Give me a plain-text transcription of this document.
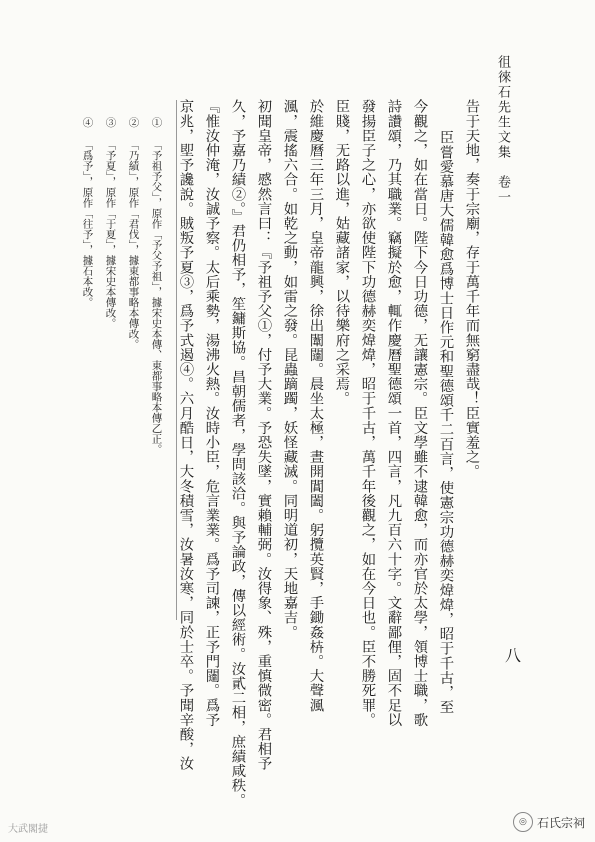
徂徠石先生文集　卷一
告于天地，奏于宗廟，存于萬千年而無窮盡哉！臣實羞之。
臣嘗愛慕唐大儒韓愈爲博士日作元和聖德頌千二百言，使憲宗功德赫奕煒煒，昭于千古，至
今觀之，如在當日。陛下今日功德，无讓憲宗。臣文學雖不逮韓愈，而亦官於太學，領博士職，歌
詩讚頌，乃其職業。竊擬於愈，輒作慶曆聖德頌一首，四言，凡九百六十字。文辭鄙俚，固不足以
發揚臣子之心，亦欲使陛下功德赫奕煒煒，昭于千古，萬千年後觀之，如在今日也。臣不勝死罪。
臣賤，无路以進，姑藏諸家，以待樂府之采焉。
於維慶曆三年三月，皇帝龍興，徐出闈闥。晨坐太極，晝開閶闔。躬攬英賢，手鋤姦枿。大聲渢
渢，震搖六合。如乾之動，如雷之發。昆蟲蹢躅，妖怪藏滅。同明道初，天地嘉吉。
初聞皇帝，慼然言曰：『予祖予父①，付予大業。予恐失墜，實賴輔弼。汝得象、殊，重慎微密。君相予
久，予嘉乃績②。』君仍相予，笙鏞斯協。昌朝儒者，學問該洽。與予論政，傳以經術。汝貳二相，庶績咸秩。
『惟汝仲淹，汝誠予察。太后乘勢，湯沸火熱。汝時小臣，危言業業。爲予司諫，正予門闥。爲予
京兆，堲予讒說。賊叛予夏③，爲予式遏④。六月酷日，大冬積雪，汝暑汝寒，同於士卒。予聞辛酸，汝
① 「予祖予父」，原作「予父予祖」，據宋史本傳、東都事略本傳乙正。
② 「乃績」，原作「君伐」，據東都事略本傳改。
③ 「予夏」，原作「于夏」，據宋史本傳改。
④ 「爲予」，原作「往予」，據石本改。
八
大武閣捷
◎ 石氏宗祠
